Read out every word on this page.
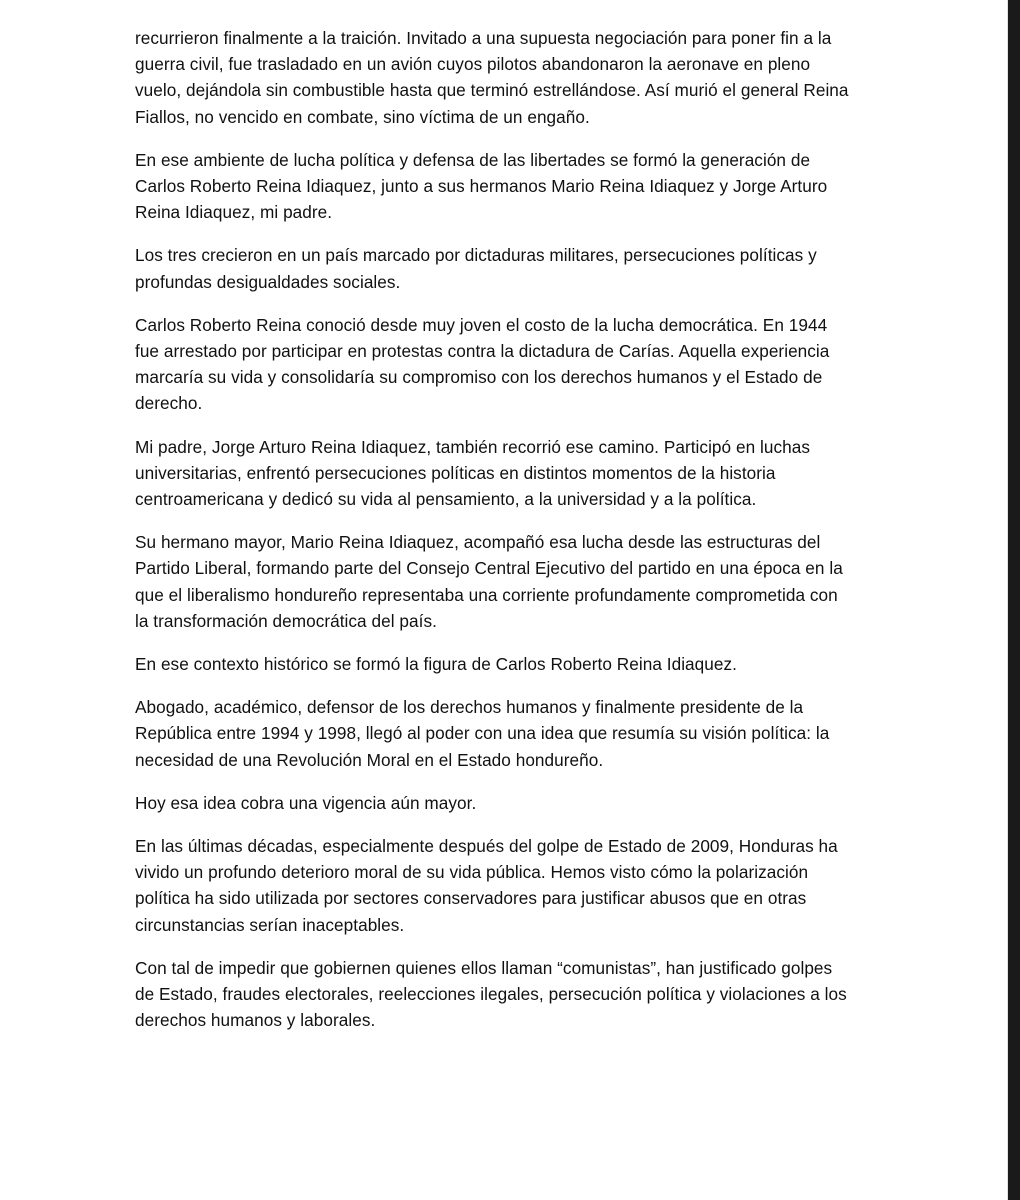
recurrieron finalmente a la traición. Invitado a una supuesta negociación para poner fin a la
guerra civil, fue trasladado en un avión cuyos pilotos abandonaron la aeronave en pleno
vuelo, dejándola sin combustible hasta que terminó estrellándose. Así murió el general Reina
Fiallos, no vencido en combate, sino víctima de un engaño.

En ese ambiente de lucha política y defensa de las libertades se formó la generación de
Carlos Roberto Reina Idiaquez, junto a sus hermanos Mario Reina Idiaquez y Jorge Arturo
Reina Idiaquez, mi padre.

Los tres crecieron en un país marcado por dictaduras militares, persecuciones políticas y
profundas desigualdades sociales.

Carlos Roberto Reina conoció desde muy joven el costo de la lucha democrática. En 1944
fue arrestado por participar en protestas contra la dictadura de Carías. Aquella experiencia
marcaría su vida y consolidaría su compromiso con los derechos humanos y el Estado de
derecho.

Mi padre, Jorge Arturo Reina Idiaquez, también recorrió ese camino. Participó en luchas
universitarias, enfrentó persecuciones políticas en distintos momentos de la historia
centroamericana y dedicó su vida al pensamiento, a la universidad y a la política.

Su hermano mayor, Mario Reina Idiaquez, acompañó esa lucha desde las estructuras del
Partido Liberal, formando parte del Consejo Central Ejecutivo del partido en una época en la
que el liberalismo hondureño representaba una corriente profundamente comprometida con
la transformación democrática del país.

En ese contexto histórico se formó la figura de Carlos Roberto Reina Idiaquez.

Abogado, académico, defensor de los derechos humanos y finalmente presidente de la
República entre 1994 y 1998, llegó al poder con una idea que resumía su visión política: la
necesidad de una Revolución Moral en el Estado hondureño.

Hoy esa idea cobra una vigencia aún mayor.

En las últimas décadas, especialmente después del golpe de Estado de 2009, Honduras ha
vivido un profundo deterioro moral de su vida pública. Hemos visto cómo la polarización
política ha sido utilizada por sectores conservadores para justificar abusos que en otras
circunstancias serían inaceptables.

Con tal de impedir que gobiernen quienes ellos llaman “comunistas”, han justificado golpes
de Estado, fraudes electorales, reelecciones ilegales, persecución política y violaciones a los
derechos humanos y laborales.
